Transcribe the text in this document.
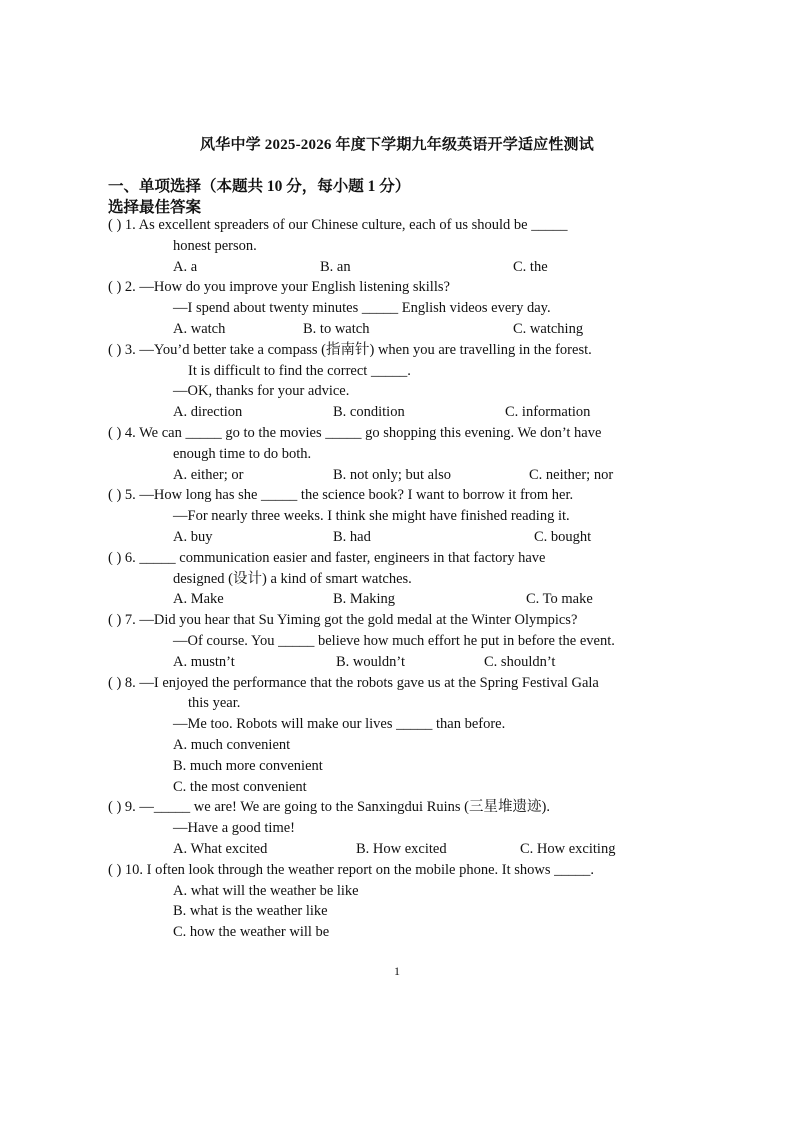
风华中学 2025-2026 年度下学期九年级英语开学适应性测试
一、单项选择（本题共 10 分，每小题 1 分）
选择最佳答案
( ) 1. As excellent spreaders of our Chinese culture, each of us should be _____
honest person.
A. a	B. an	C. the
( ) 2. —How do you improve your English listening skills?
—I spend about twenty minutes _____ English videos every day.
A. watch	B. to watch	C. watching
( ) 3. —You’d better take a compass (指南针) when you are travelling in the forest.
It is difficult to find the correct _____.
—OK, thanks for your advice.
A. direction	B. condition	C. information
( ) 4. We can _____ go to the movies _____ go shopping this evening. We don’t have
enough time to do both.
A. either; or	B. not only; but also	C. neither; nor
( ) 5. —How long has she _____ the science book? I want to borrow it from her.
—For nearly three weeks. I think she might have finished reading it.
A. buy	B. had	C. bought
( ) 6. _____ communication easier and faster, engineers in that factory have
designed (设计) a kind of smart watches.
A. Make	B. Making	C. To make
( ) 7. —Did you hear that Su Yiming got the gold medal at the Winter Olympics?
—Of course. You _____ believe how much effort he put in before the event.
A. mustn’t	B. wouldn’t	C. shouldn’t
( ) 8. —I enjoyed the performance that the robots gave us at the Spring Festival Gala
this year.
—Me too. Robots will make our lives _____ than before.
A. much convenient
B. much more convenient
C. the most convenient
( ) 9. —_____ we are! We are going to the Sanxingdui Ruins (三星堆遗迹).
—Have a good time!
A. What excited	B. How excited	C. How exciting
( ) 10. I often look through the weather report on the mobile phone. It shows _____.
A. what will the weather be like
B. what is the weather like
C. how the weather will be
1
